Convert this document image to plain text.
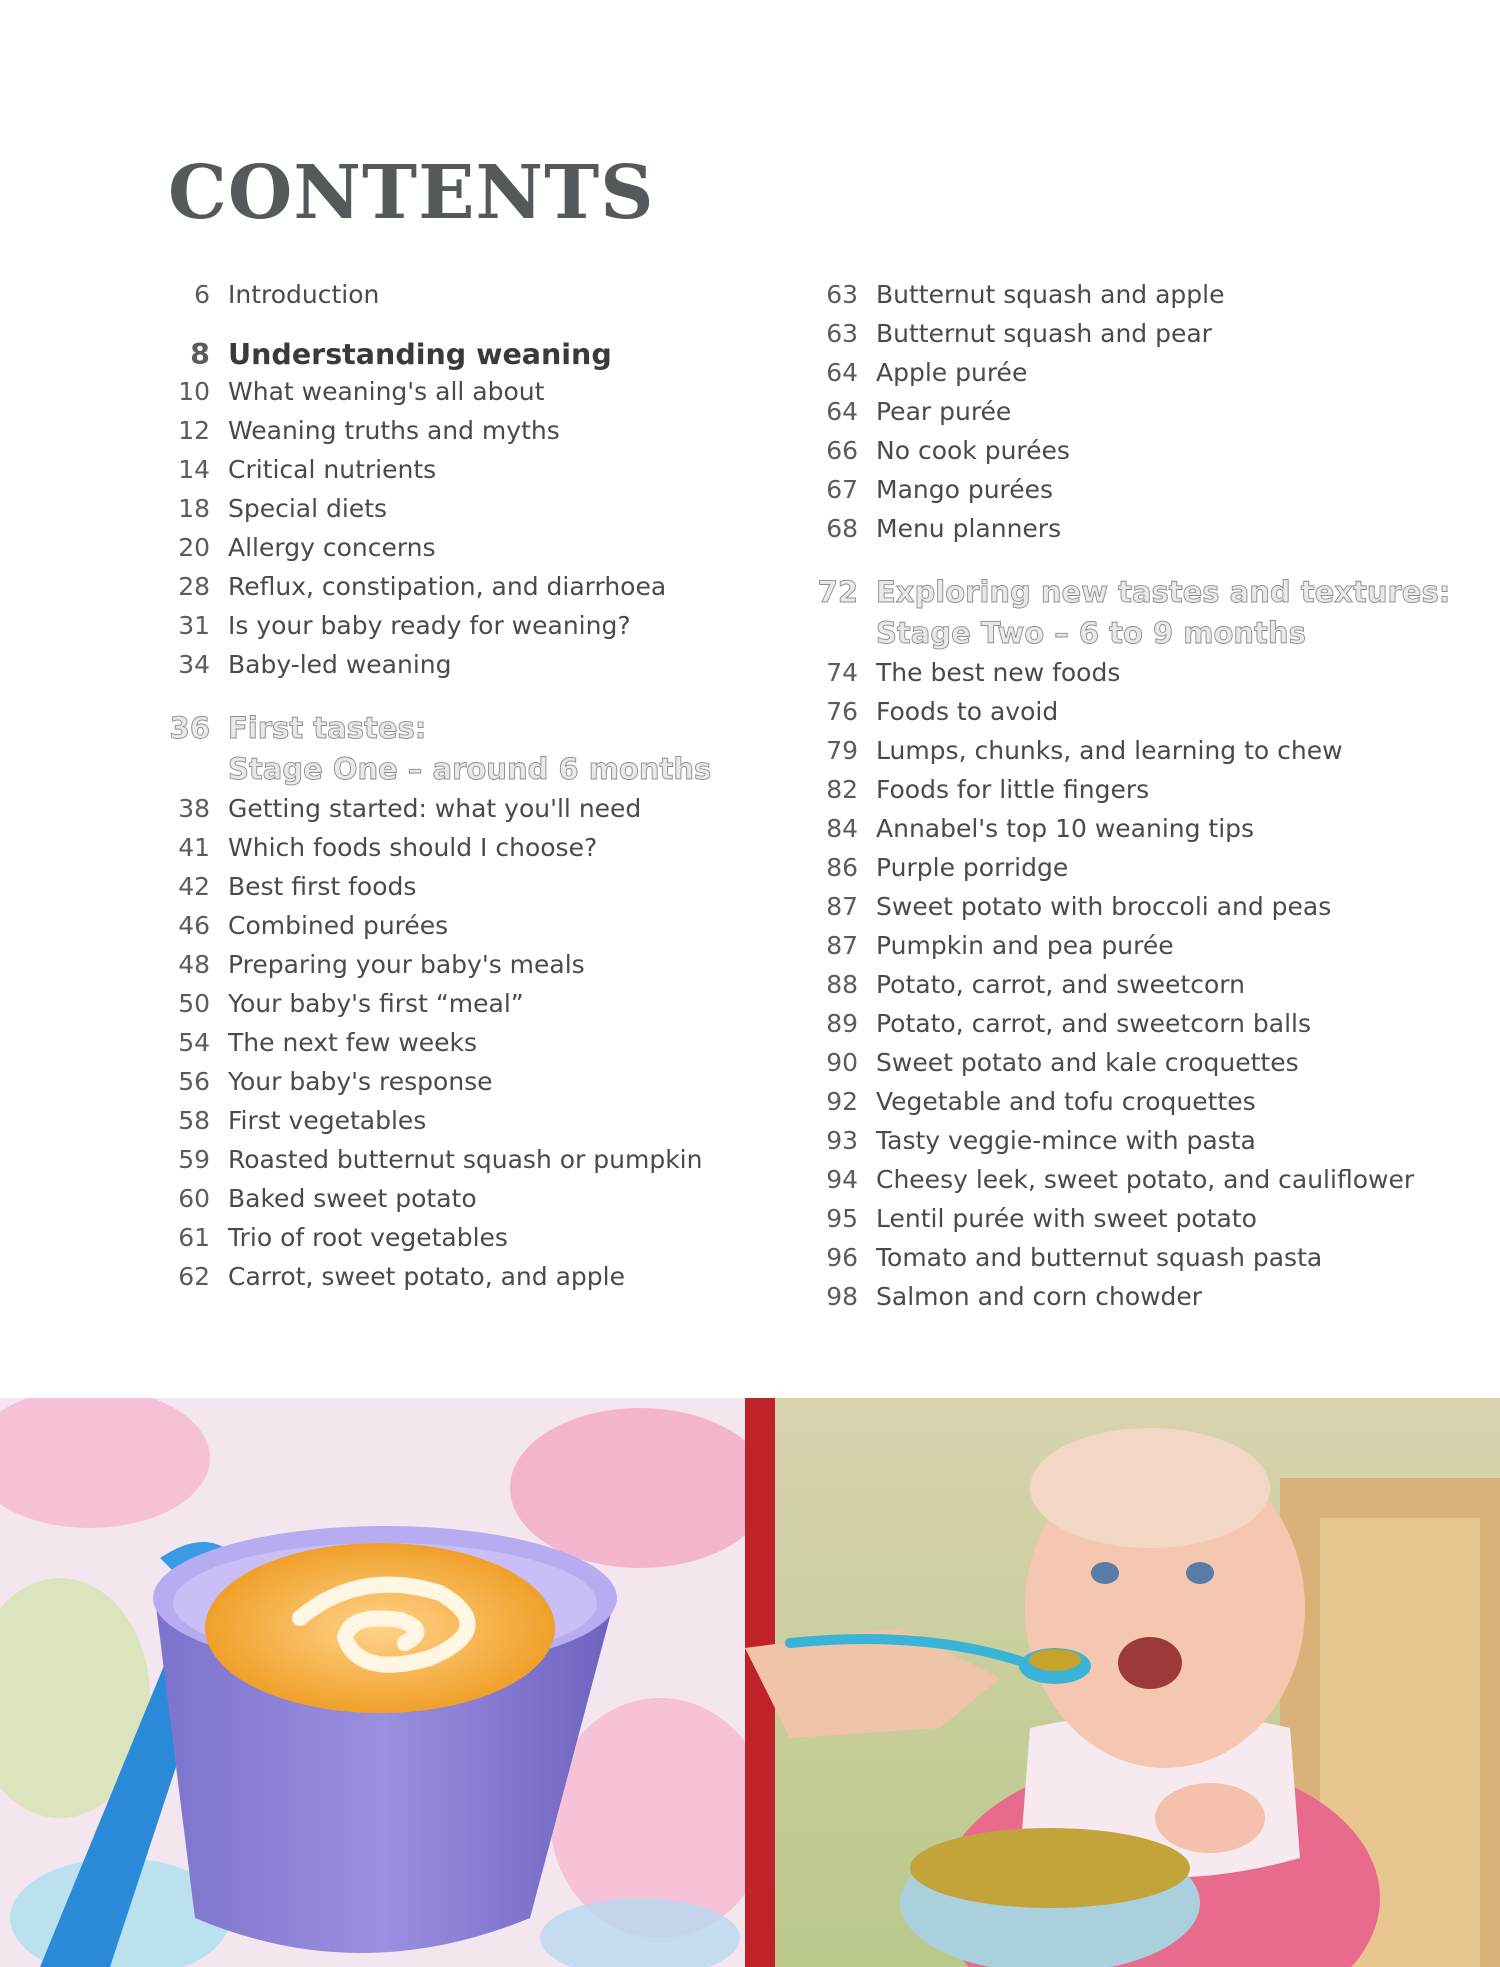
CONTENTS
6 Introduction
8 Understanding weaning
10 What weaning's all about
12 Weaning truths and myths
14 Critical nutrients
18 Special diets
20 Allergy concerns
28 Reflux, constipation, and diarrhoea
31 Is your baby ready for weaning?
34 Baby-led weaning
36 First tastes:
Stage One – around 6 months
38 Getting started: what you'll need
41 Which foods should I choose?
42 Best first foods
46 Combined purées
48 Preparing your baby's meals
50 Your baby's first “meal”
54 The next few weeks
56 Your baby's response
58 First vegetables
59 Roasted butternut squash or pumpkin
60 Baked sweet potato
61 Trio of root vegetables
62 Carrot, sweet potato, and apple
63 Butternut squash and apple
63 Butternut squash and pear
64 Apple purée
64 Pear purée
66 No cook purées
67 Mango purées
68 Menu planners
72 Exploring new tastes and textures:
Stage Two – 6 to 9 months
74 The best new foods
76 Foods to avoid
79 Lumps, chunks, and learning to chew
82 Foods for little fingers
84 Annabel's top 10 weaning tips
86 Purple porridge
87 Sweet potato with broccoli and peas
87 Pumpkin and pea purée
88 Potato, carrot, and sweetcorn
89 Potato, carrot, and sweetcorn balls
90 Sweet potato and kale croquettes
92 Vegetable and tofu croquettes
93 Tasty veggie-mince with pasta
94 Cheesy leek, sweet potato, and cauliflower
95 Lentil purée with sweet potato
96 Tomato and butternut squash pasta
98 Salmon and corn chowder
